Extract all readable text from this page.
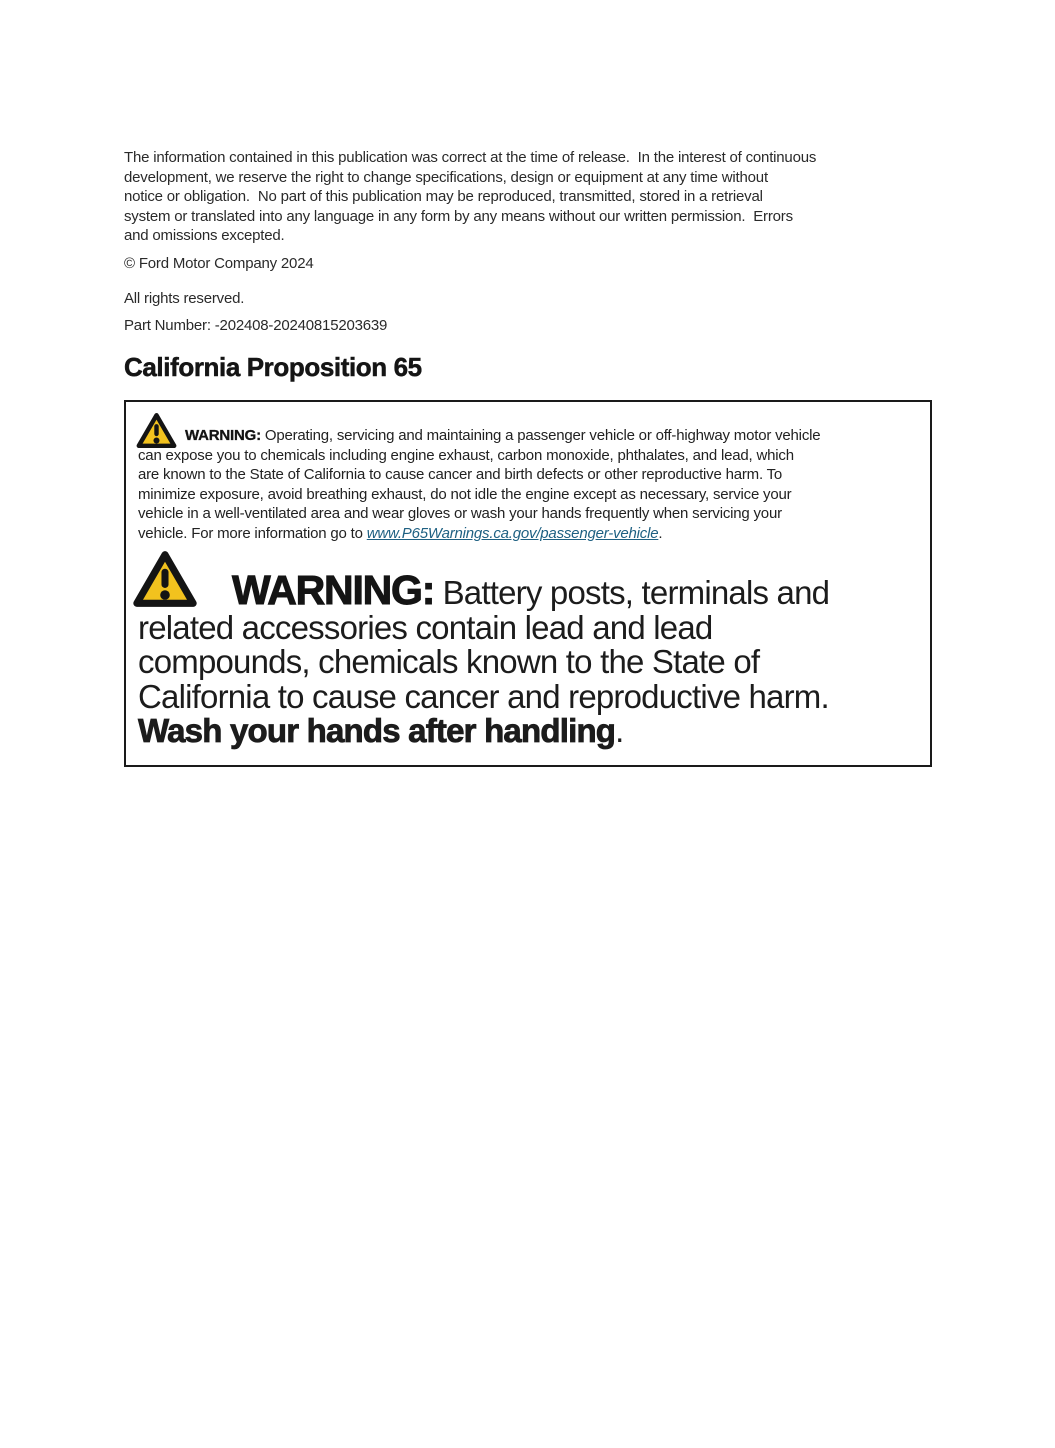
The information contained in this publication was correct at the time of release.  In the interest of continuous
development, we reserve the right to change specifications, design or equipment at any time without
notice or obligation.  No part of this publication may be reproduced, transmitted, stored in a retrieval
system or translated into any language in any form by any means without our written permission.  Errors
and omissions excepted.

© Ford Motor Company 2024

All rights reserved.

Part Number: -202408-20240815203639

California Proposition 65

WARNING: Operating, servicing and maintaining a passenger vehicle or off-highway motor vehicle
can expose you to chemicals including engine exhaust, carbon monoxide, phthalates, and lead, which
are known to the State of California to cause cancer and birth defects or other reproductive harm. To
minimize exposure, avoid breathing exhaust, do not idle the engine except as necessary, service your
vehicle in a well-ventilated area and wear gloves or wash your hands frequently when servicing your
vehicle. For more information go to www.P65Warnings.ca.gov/passenger-vehicle.

WARNING: Battery posts, terminals and
related accessories contain lead and lead
compounds, chemicals known to the State of
California to cause cancer and reproductive harm.
Wash your hands after handling.
